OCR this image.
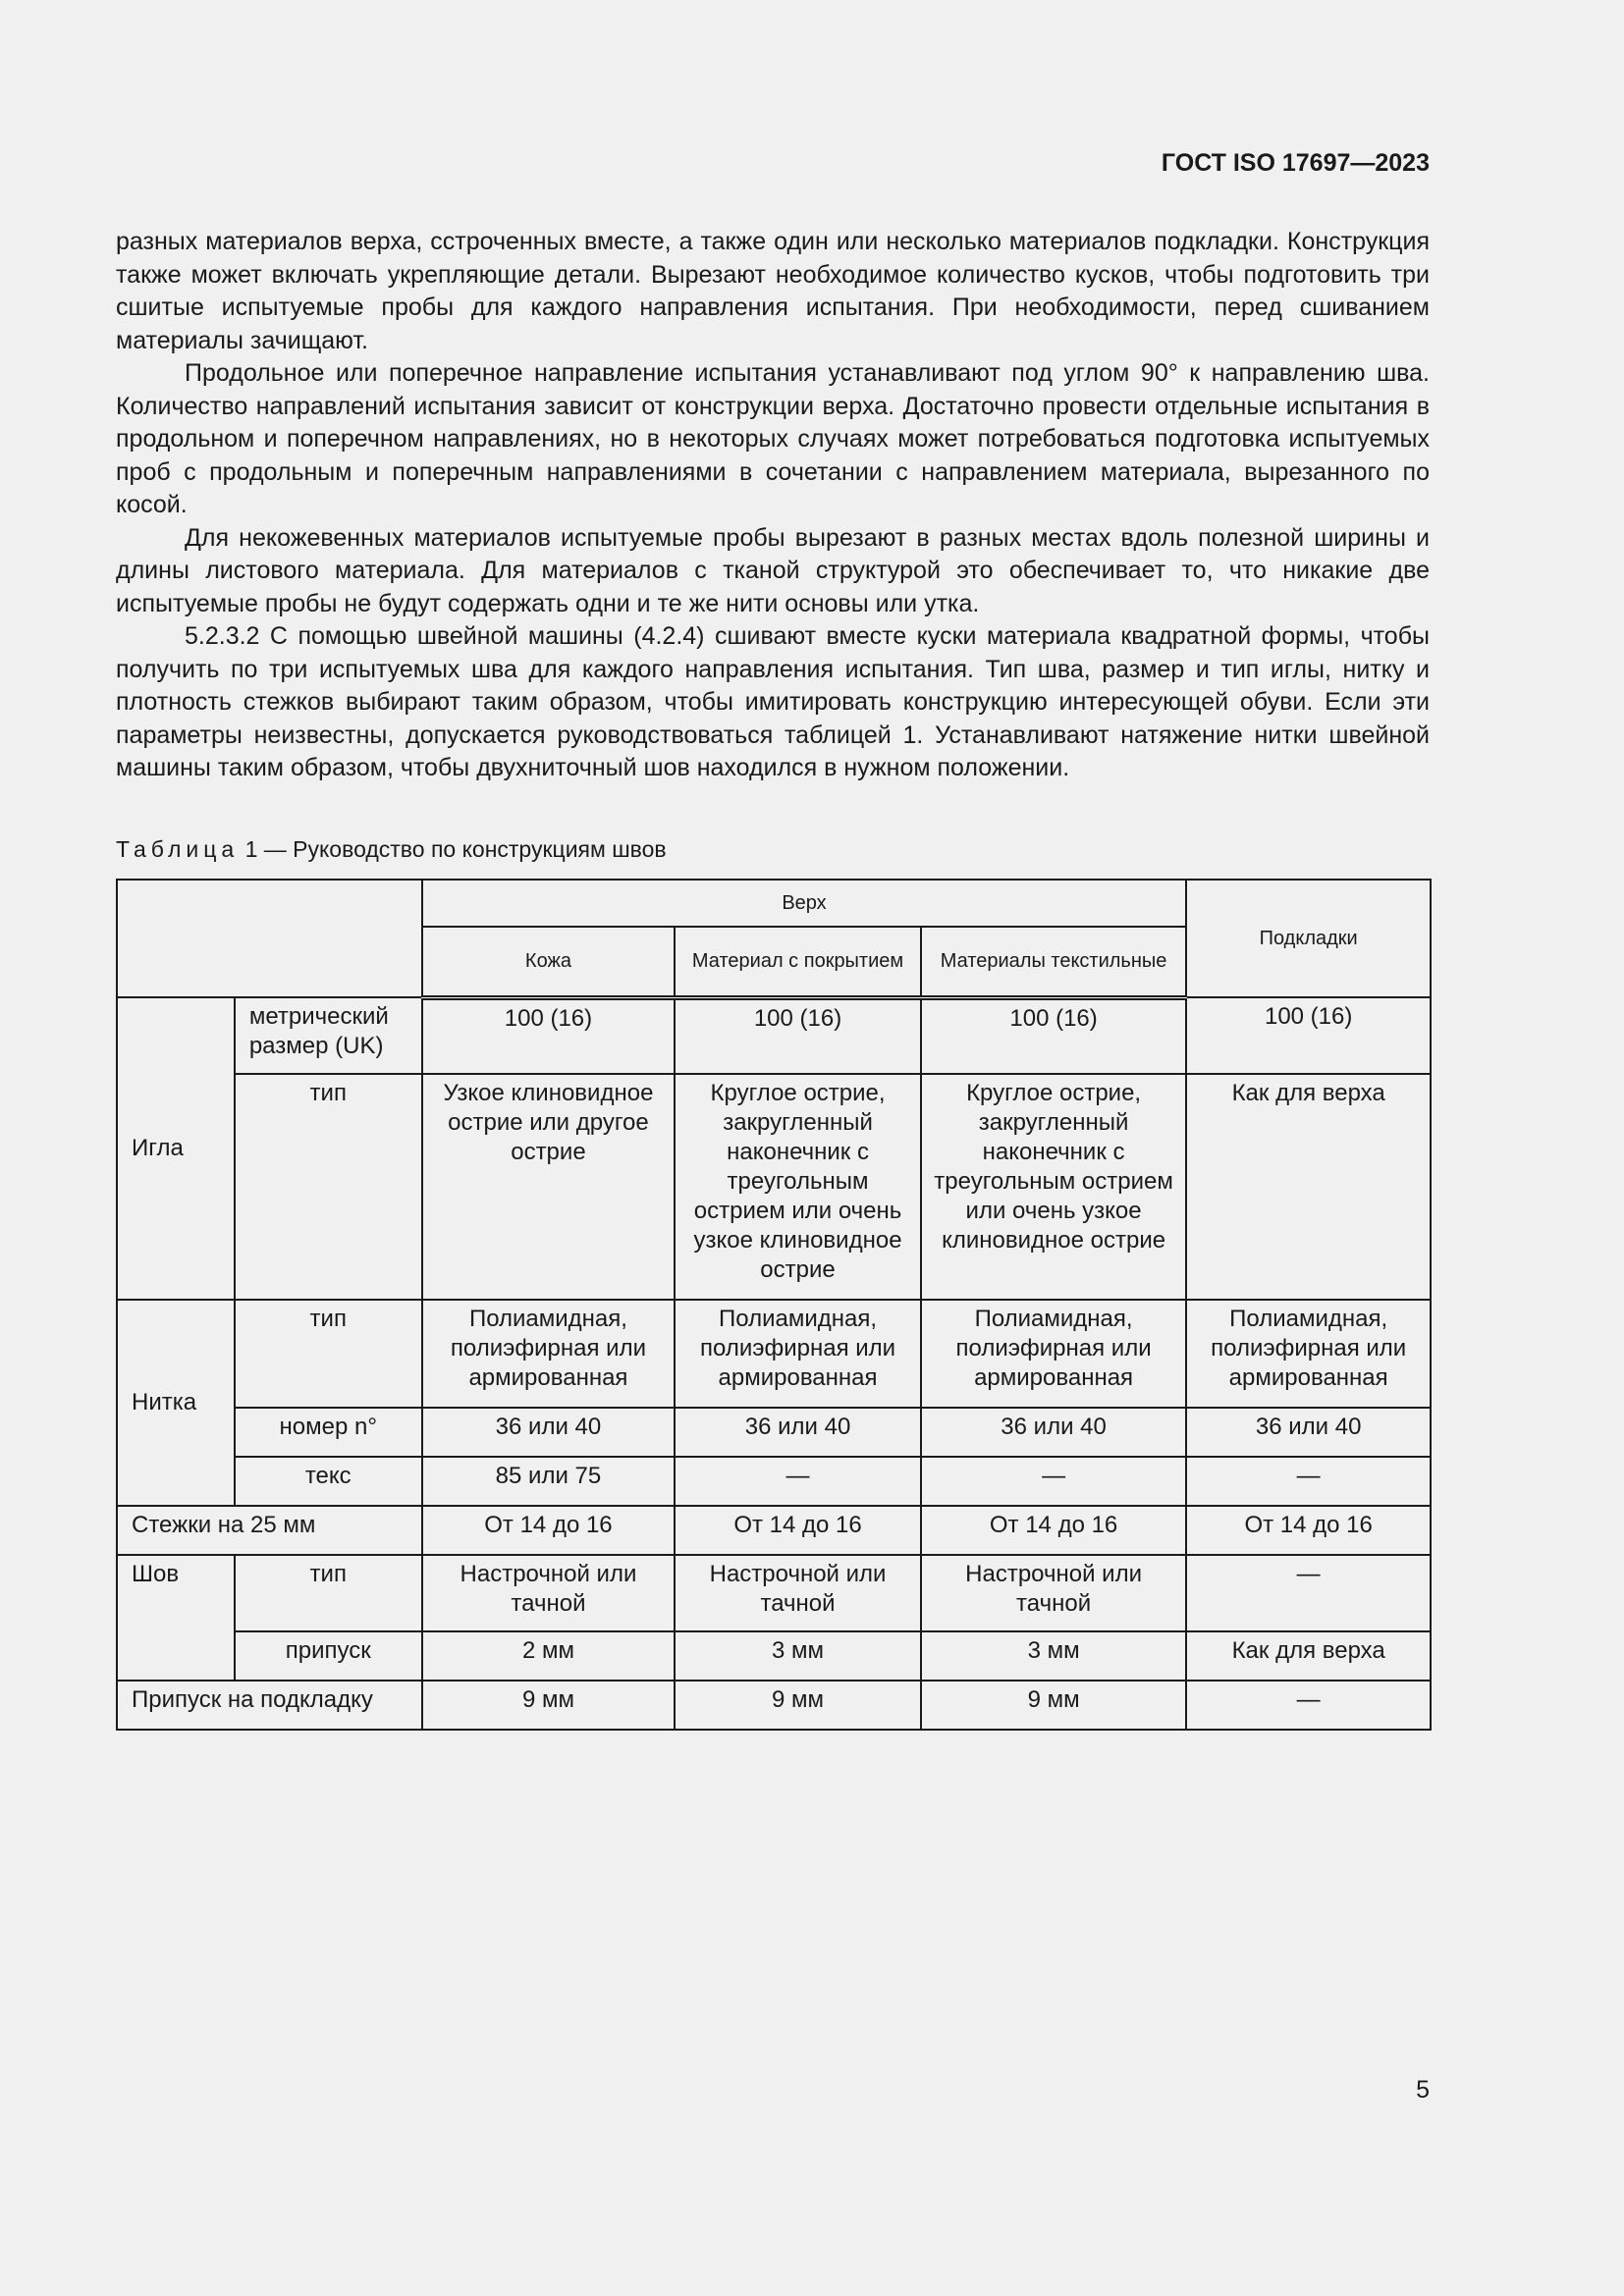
ГОСТ ISO 17697—2023

разных материалов верха, сстроченных вместе, а также один или несколько материалов подкладки. Конструкция также может включать укрепляющие детали. Вырезают необходимое количество кусков, чтобы подготовить три сшитые испытуемые пробы для каждого направления испытания. При необходимости, перед сшиванием материалы зачищают.

Продольное или поперечное направление испытания устанавливают под углом 90° к направлению шва. Количество направлений испытания зависит от конструкции верха. Достаточно провести отдельные испытания в продольном и поперечном направлениях, но в некоторых случаях может потребоваться подготовка испытуемых проб с продольным и поперечным направлениями в сочетании с направлением материала, вырезанного по косой.

Для некожевенных материалов испытуемые пробы вырезают в разных местах вдоль полезной ширины и длины листового материала. Для материалов с тканой структурой это обеспечивает то, что никакие две испытуемые пробы не будут содержать одни и те же нити основы или утка.

5.2.3.2 С помощью швейной машины (4.2.4) сшивают вместе куски материала квадратной формы, чтобы получить по три испытуемых шва для каждого направления испытания. Тип шва, размер и тип иглы, нитку и плотность стежков выбирают таким образом, чтобы имитировать конструкцию интересующей обуви. Если эти параметры неизвестны, допускается руководствоваться таблицей 1. Устанавливают натяжение нитки швейной машины таким образом, чтобы двухниточный шов находился в нужном положении.

Таблица 1 — Руководство по конструкциям швов
		Верх			Подкладки
		Кожа	Материал с покрытием	Материалы текстильные	
Игла	метрический размер (UK)	100 (16)	100 (16)	100 (16)	100 (16)
	тип	Узкое клиновидное острие или другое острие	Круглое острие, закругленный наконечник с треугольным острием или очень узкое клиновидное острие	Круглое острие, закругленный наконечник с треугольным острием или очень узкое клиновидное острие	Как для верха
Нитка	тип	Полиамидная, полиэфирная или армированная	Полиамидная, полиэфирная или армированная	Полиамидная, полиэфирная или армированная	Полиамидная, полиэфирная или армированная
	номер n°	36 или 40	36 или 40	36 или 40	36 или 40
	текс	85 или 75	—	—	—
Стежки на 25 мм		От 14 до 16	От 14 до 16	От 14 до 16	От 14 до 16
Шов	тип	Настрочной или тачной	Настрочной или тачной	Настрочной или тачной	—
	припуск	2 мм	3 мм	3 мм	Как для верха
Припуск на подкладку		9 мм	9 мм	9 мм	—
5
